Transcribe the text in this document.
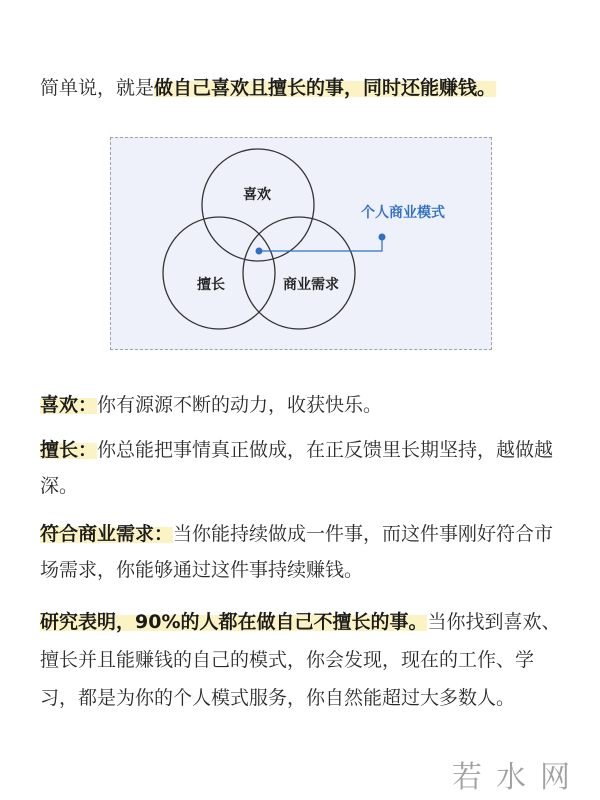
简单说，就是做自己喜欢且擅长的事，同时还能赚钱。
喜欢
擅长	商业需求
个人商业模式
喜欢：你有源源不断的动力，收获快乐。
擅长：你总能把事情真正做成，在正反馈里长期坚持，越做越深。
符合商业需求：当你能持续做成一件事，而这件事刚好符合市场需求，你能够通过这件事持续赚钱。
研究表明，90%的人都在做自己不擅长的事。当你找到喜欢、擅长并且能赚钱的自己的模式，你会发现，现在的工作、学习，都是为你的个人模式服务，你自然能超过大多数人。
若水网
